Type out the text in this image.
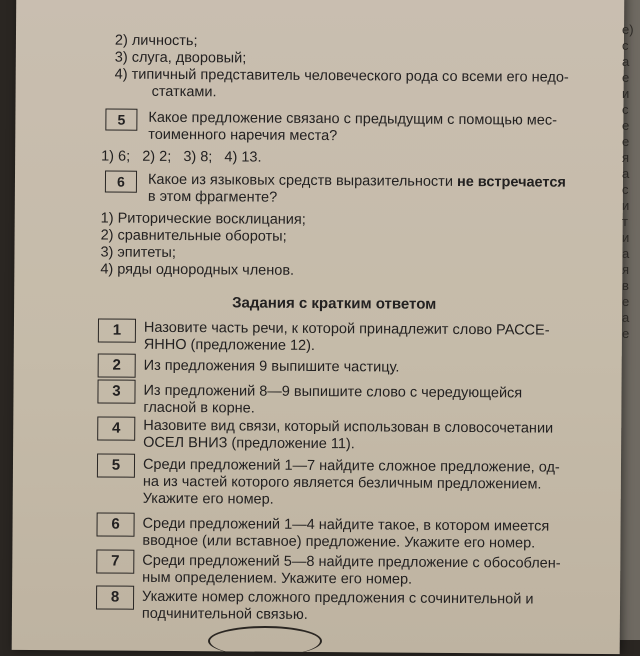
2) личность;
3) слуга, дворовый;
4) типичный представитель человеческого рода со всеми его недо-
статками.
5	Какое предложение связано с предыдущим с помощью мес-
тоименного наречия места?
1) 6;   2) 2;   3) 8;   4) 13.
6	Какое из языковых средств выразительности не встречается
в этом фрагменте?
1) Риторические восклицания;
2) сравнительные обороты;
3) эпитеты;
4) ряды однородных членов.
Задания с кратким ответом
1	Назовите часть речи, к которой принадлежит слово РАССЕ-
ЯННО (предложение 12).
2	Из предложения 9 выпишите частицу.
3	Из предложений 8—9 выпишите слово с чередующейся
гласной в корне.
4	Назовите вид связи, который использован в словосочетании
ОСЕЛ ВНИЗ (предложение 11).
5	Среди предложений 1—7 найдите сложное предложение, од-
на из частей которого является безличным предложением.
Укажите его номер.
6	Среди предложений 1—4 найдите такое, в котором имеется
вводное (или вставное) предложение. Укажите его номер.
7	Среди предложений 5—8 найдите предложение с обособлен-
ным определением. Укажите его номер.
8	Укажите номер сложного предложения с сочинительной и
подчинительной связью.
е)
с
а
е
и
с
е
е
я
а
с
и
т
и
а
я
в
е
а
е
